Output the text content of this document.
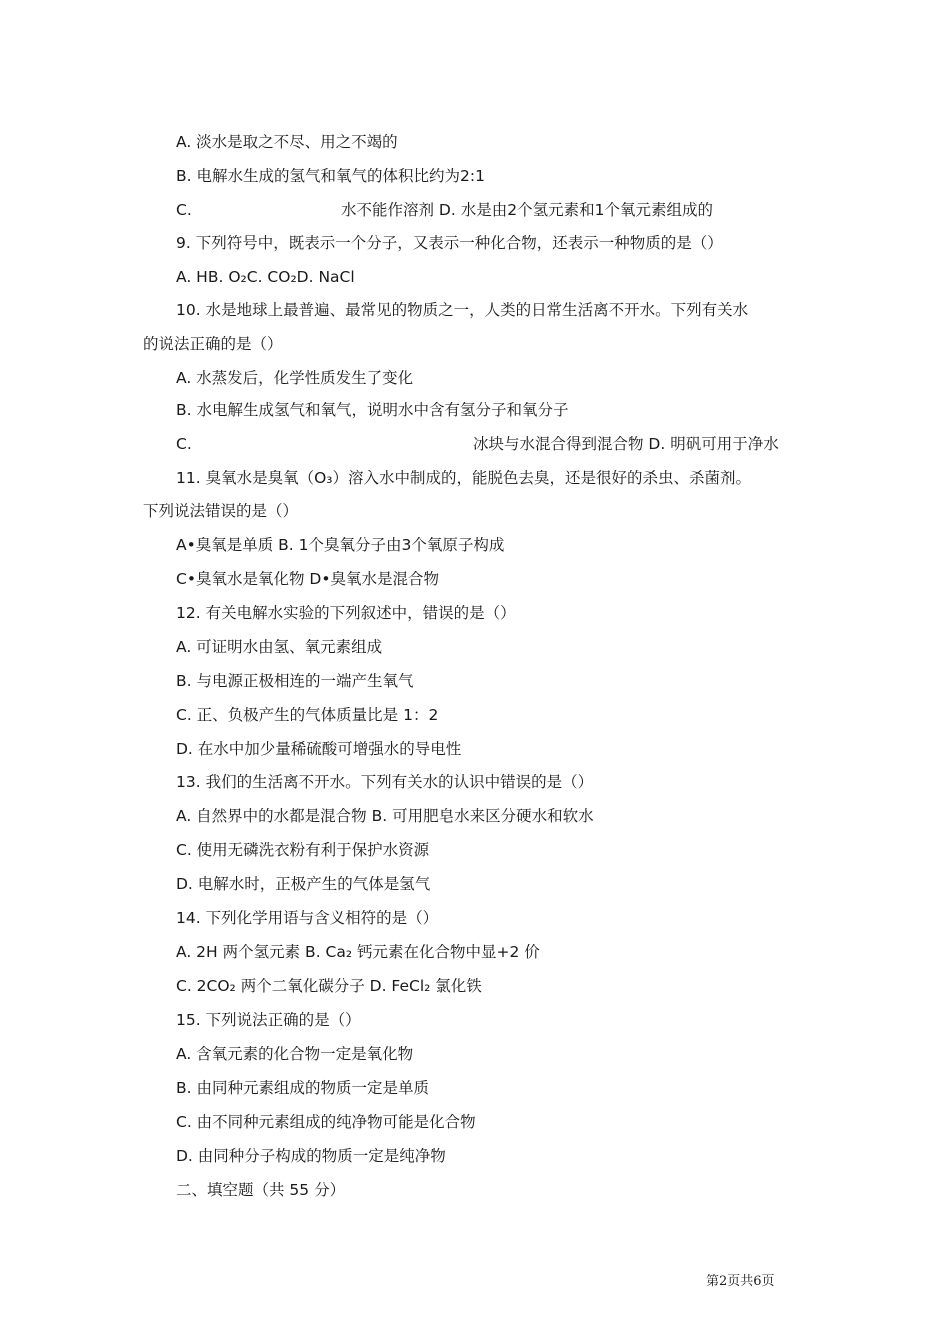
A. 淡水是取之不尽、用之不竭的
B. 电解水生成的氢气和氧气的体积比约为2:1
C.	水不能作溶剂 D. 水是由2个氢元素和1个氧元素组成的
9. 下列符号中，既表示一个分子，又表示一种化合物，还表示一种物质的是（）
A. HB. O₂C. CO₂D. NaCl
10. 水是地球上最普遍、最常见的物质之一，人类的日常生活离不开水。下列有关水
的说法正确的是（）
A. 水蒸发后，化学性质发生了变化
B. 水电解生成氢气和氧气，说明水中含有氢分子和氧分子
C.	冰块与水混合得到混合物 D. 明矾可用于净水
11. 臭氧水是臭氧（O₃）溶入水中制成的，能脱色去臭，还是很好的杀虫、杀菌剂。
下列说法错误的是（）
A•臭氧是单质 B. 1个臭氧分子由3个氧原子构成
C•臭氧水是氧化物 D•臭氧水是混合物
12. 有关电解水实验的下列叙述中，错误的是（）
A. 可证明水由氢、氧元素组成
B. 与电源正极相连的一端产生氧气
C. 正、负极产生的气体质量比是 1：2
D. 在水中加少量稀硫酸可增强水的导电性
13. 我们的生活离不开水。下列有关水的认识中错误的是（）
A. 自然界中的水都是混合物 B. 可用肥皂水来区分硬水和软水
C. 使用无磷洗衣粉有利于保护水资源
D. 电解水时，正极产生的气体是氢气
14. 下列化学用语与含义相符的是（）
A. 2H 两个氢元素 B. Ca₂ 钙元素在化合物中显+2 价
C. 2CO₂ 两个二氧化碳分子 D. FeCl₂ 氯化铁
15. 下列说法正确的是（）
A. 含氧元素的化合物一定是氧化物
B. 由同种元素组成的物质一定是单质
C. 由不同种元素组成的纯净物可能是化合物
D. 由同种分子构成的物质一定是纯净物
二、填空题（共 55 分）
第2页共6页
